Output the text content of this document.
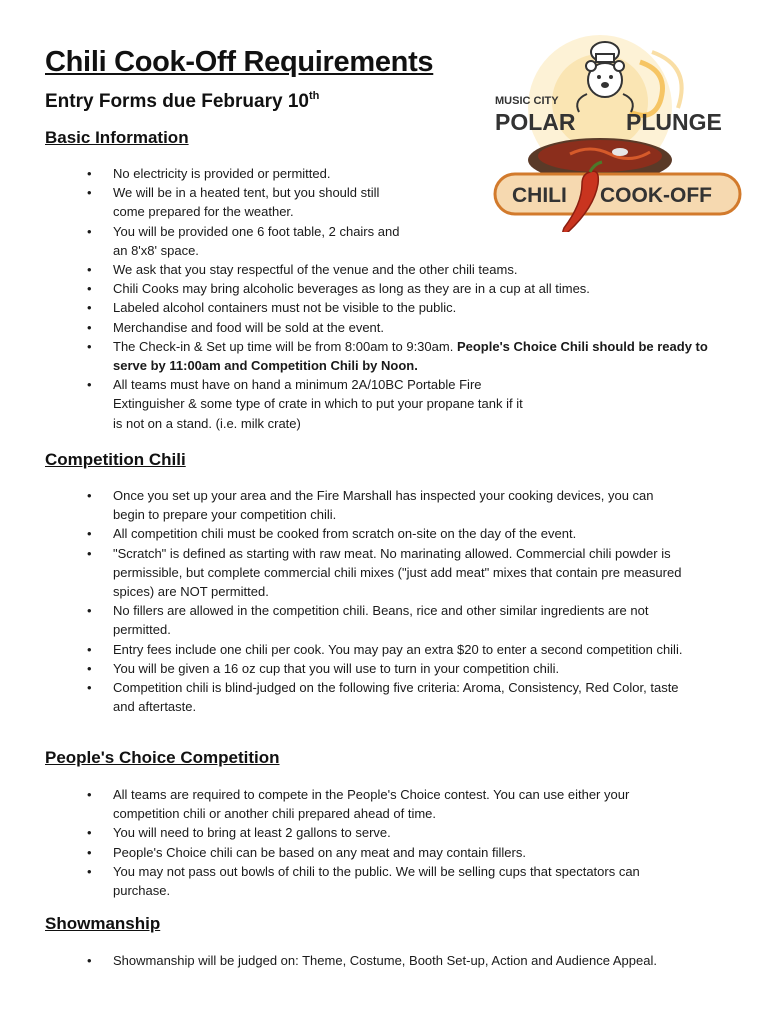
Chili Cook-Off Requirements
Entry Forms due February 10th	MUSIC CITY
POLAR PLUNGE
CHILI COOK-OFF
Basic Information
• No electricity is provided or permitted.
• We will be in a heated tent, but you should still
come prepared for the weather.
• You will be provided one 6 foot table, 2 chairs and
an 8'x8' space.
• We ask that you stay respectful of the venue and the other chili teams.
• Chili Cooks may bring alcoholic beverages as long as they are in a cup at all times.
• Labeled alcohol containers must not be visible to the public.
• Merchandise and food will be sold at the event.
• The Check-in & Set up time will be from 8:00am to 9:30am. People's Choice Chili should be ready to serve by 11:00am and Competition Chili by Noon.
• All teams must have on hand a minimum 2A/10BC Portable Fire
Extinguisher & some type of crate in which to put your propane tank if it
is not on a stand. (i.e. milk crate)
Competition Chili
• Once you set up your area and the Fire Marshall has inspected your cooking devices, you can begin to prepare your competition chili.
• All competition chili must be cooked from scratch on-site on the day of the event.
• "Scratch" is defined as starting with raw meat. No marinating allowed. Commercial chili powder is permissible, but complete commercial chili mixes ("just add meat" mixes that contain pre measured spices) are NOT permitted.
• No fillers are allowed in the competition chili. Beans, rice and other similar ingredients are not permitted.
• Entry fees include one chili per cook. You may pay an extra $20 to enter a second competition chili.
• You will be given a 16 oz cup that you will use to turn in your competition chili.
• Competition chili is blind-judged on the following five criteria: Aroma, Consistency, Red Color, taste and aftertaste.
People's Choice Competition
• All teams are required to compete in the People's Choice contest. You can use either your competition chili or another chili prepared ahead of time.
• You will need to bring at least 2 gallons to serve.
• People's Choice chili can be based on any meat and may contain fillers.
• You may not pass out bowls of chili to the public. We will be selling cups that spectators can purchase.
Showmanship
• Showmanship will be judged on: Theme, Costume, Booth Set-up, Action and Audience Appeal.
